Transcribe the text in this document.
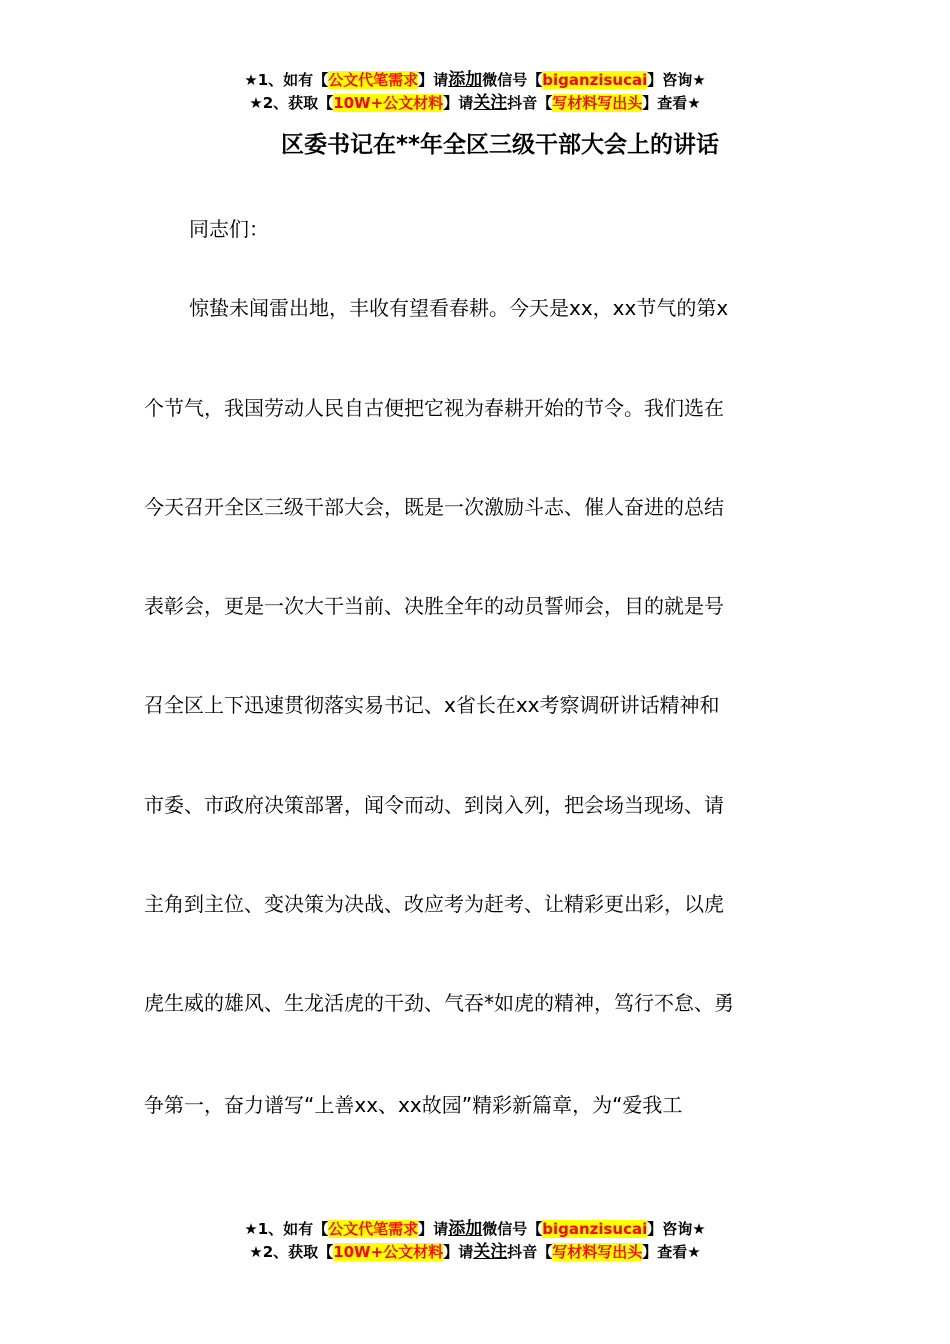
★1、如有【公文代笔需求】请添加微信号【biganzisucai】咨询★
★2、获取【10W+公文材料】请关注抖音【写材料写出头】查看★
区委书记在**年全区三级干部大会上的讲话
同志们：
惊蛰未闻雷出地，丰收有望看春耕。今天是xx，xx节气的第x
个节气，我国劳动人民自古便把它视为春耕开始的节令。我们选在
今天召开全区三级干部大会，既是一次激励斗志、催人奋进的总结
表彰会，更是一次大干当前、决胜全年的动员誓师会，目的就是号
召全区上下迅速贯彻落实易书记、x省长在xx考察调研讲话精神和
市委、市政府决策部署，闻令而动、到岗入列，把会场当现场、请
主角到主位、变决策为决战、改应考为赶考、让精彩更出彩，以虎
虎生威的雄风、生龙活虎的干劲、气吞*如虎的精神，笃行不怠、勇
争第一，奋力谱写“上善xx、xx故园”精彩新篇章，为“爱我工
★1、如有【公文代笔需求】请添加微信号【biganzisucai】咨询★
★2、获取【10W+公文材料】请关注抖音【写材料写出头】查看★
